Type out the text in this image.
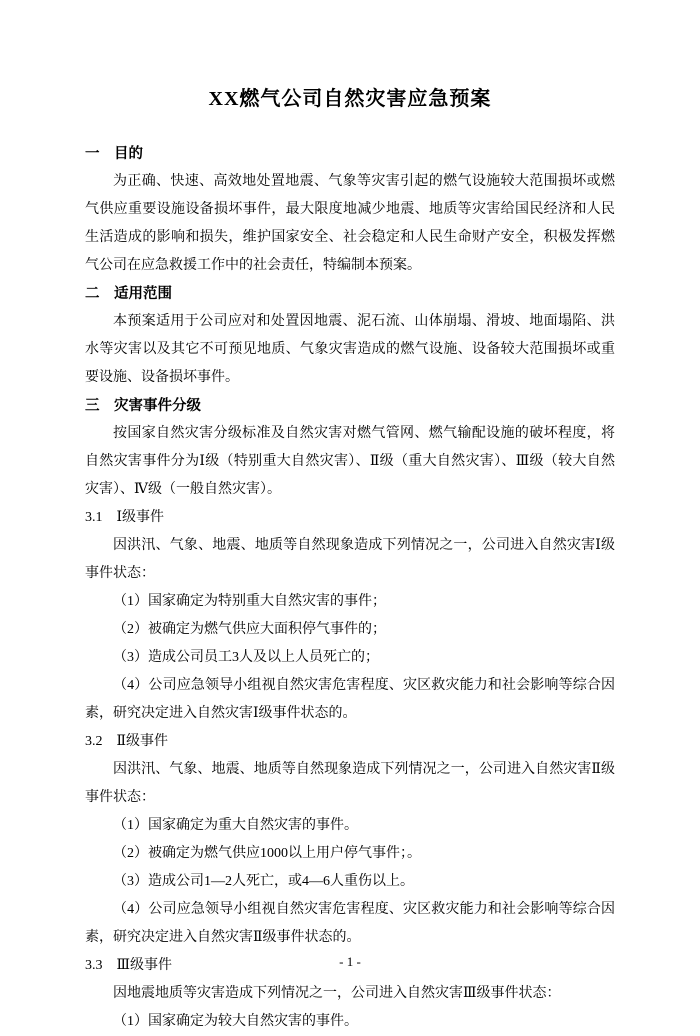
XX燃气公司自然灾害应急预案
一　目的

为正确、快速、高效地处置地震、气象等灾害引起的燃气设施较大范围损坏或燃气供应重要设施设备损坏事件，最大限度地减少地震、地质等灾害给国民经济和人民生活造成的影响和损失，维护国家安全、社会稳定和人民生命财产安全，积极发挥燃气公司在应急救援工作中的社会责任，特编制本预案。

二　适用范围

本预案适用于公司应对和处置因地震、泥石流、山体崩塌、滑坡、地面塌陷、洪水等灾害以及其它不可预见地质、气象灾害造成的燃气设施、设备较大范围损坏或重要设施、设备损坏事件。

三　灾害事件分级

按国家自然灾害分级标准及自然灾害对燃气管网、燃气输配设施的破坏程度，将自然灾害事件分为Ⅰ级（特别重大自然灾害）、Ⅱ级（重大自然灾害）、Ⅲ级（较大自然灾害）、Ⅳ级（一般自然灾害）。

3.1　Ⅰ级事件

因洪汛、气象、地震、地质等自然现象造成下列情况之一，公司进入自然灾害Ⅰ级事件状态：

（1）国家确定为特别重大自然灾害的事件；

（2）被确定为燃气供应大面积停气事件的；

（3）造成公司员工3人及以上人员死亡的；

（4）公司应急领导小组视自然灾害危害程度、灾区救灾能力和社会影响等综合因素，研究决定进入自然灾害Ⅰ级事件状态的。

3.2　Ⅱ级事件

因洪汛、气象、地震、地质等自然现象造成下列情况之一，公司进入自然灾害Ⅱ级事件状态：

（1）国家确定为重大自然灾害的事件。

（2）被确定为燃气供应1000以上用户停气事件；。

（3）造成公司1—2人死亡，或4—6人重伤以上。

（4）公司应急领导小组视自然灾害危害程度、灾区救灾能力和社会影响等综合因素，研究决定进入自然灾害Ⅱ级事件状态的。

3.3　Ⅲ级事件

因地震地质等灾害造成下列情况之一，公司进入自然灾害Ⅲ级事件状态：

（1）国家确定为较大自然灾害的事件。

- 1 -
